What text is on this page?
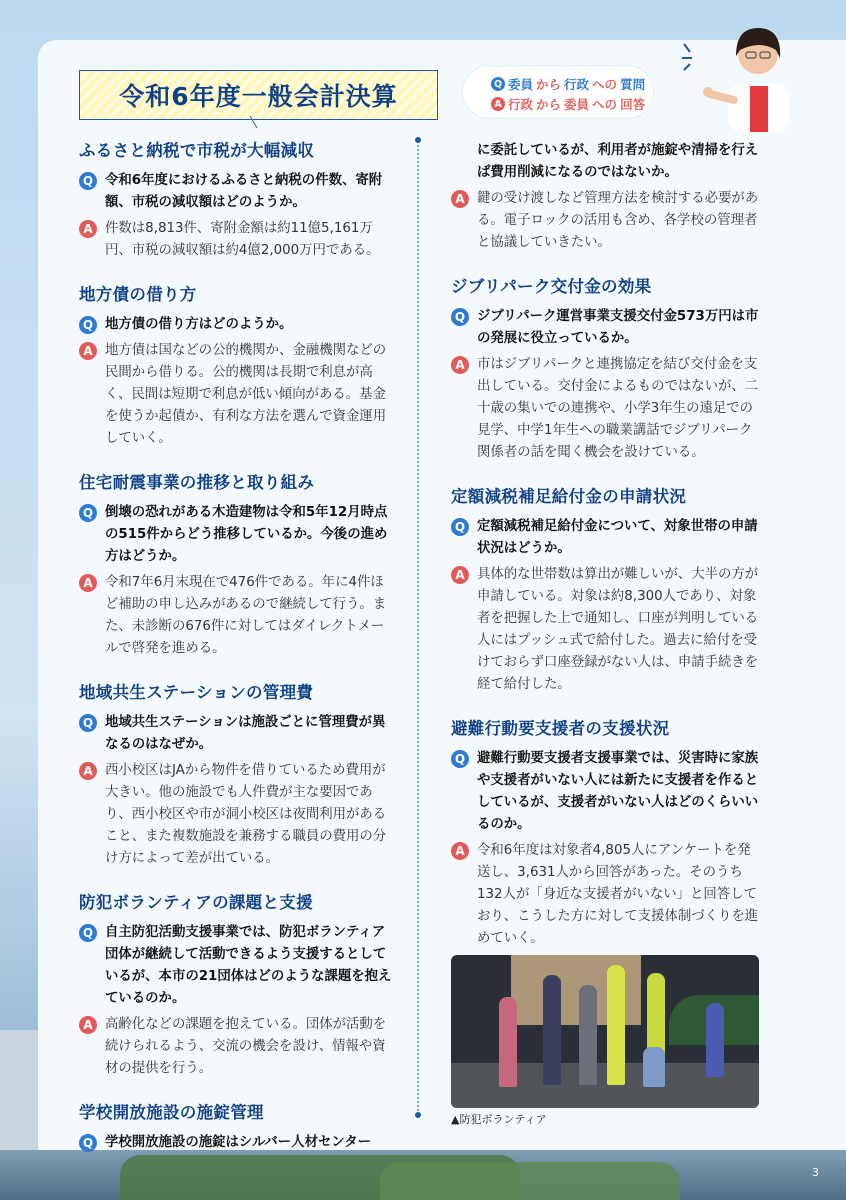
令和6年度一般会計決算	Q 委員 から 行政 への 質問
A 行政 から 委員 への 回答
ふるさと納税で市税が大幅減収
Q 令和6年度におけるふるさと納税の件数、寄附額、市税の減収額はどのようか。
A 件数は8,813件、寄附金額は約11億5,161万円、市税の減収額は約4億2,000万円である。
地方債の借り方
Q 地方債の借り方はどのようか。
A 地方債は国などの公的機関か、金融機関などの民間から借りる。公的機関は長期で利息が高く、民間は短期で利息が低い傾向がある。基金を使うか起債か、有利な方法を選んで資金運用していく。
住宅耐震事業の推移と取り組み
Q 倒壊の恐れがある木造建物は令和5年12月時点の515件からどう推移しているか。今後の進め方はどうか。
A 令和7年6月末現在で476件である。年に4件ほど補助の申し込みがあるので継続して行う。また、未診断の676件に対してはダイレクトメールで啓発を進める。
地域共生ステーションの管理費
Q 地域共生ステーションは施設ごとに管理費が異なるのはなぜか。
A 西小校区はJAから物件を借りているため費用が大きい。他の施設でも人件費が主な要因であり、西小校区や市が洞小校区は夜間利用があること、また複数施設を兼務する職員の費用の分け方によって差が出ている。
防犯ボランティアの課題と支援
Q 自主防犯活動支援事業では、防犯ボランティア団体が継続して活動できるよう支援するとしているが、本市の21団体はどのような課題を抱えているのか。
A 高齢化などの課題を抱えている。団体が活動を続けられるよう、交流の機会を設け、情報や資材の提供を行う。
学校開放施設の施錠管理
Q 学校開放施設の施錠はシルバー人材センター
に委託しているが、利用者が施錠や清掃を行えば費用削減になるのではないか。
A 鍵の受け渡しなど管理方法を検討する必要がある。電子ロックの活用も含め、各学校の管理者と協議していきたい。
ジブリパーク交付金の効果
Q ジブリパーク運営事業支援交付金573万円は市の発展に役立っているか。
A 市はジブリパークと連携協定を結び交付金を支出している。交付金によるものではないが、二十歳の集いでの連携や、小学3年生の遠足での見学、中学1年生への職業講話でジブリパーク関係者の話を聞く機会を設けている。
定額減税補足給付金の申請状況
Q 定額減税補足給付金について、対象世帯の申請状況はどうか。
A 具体的な世帯数は算出が難しいが、大半の方が申請している。対象は約8,300人であり、対象者を把握した上で通知し、口座が判明している人にはプッシュ式で給付した。過去に給付を受けておらず口座登録がない人は、申請手続きを経て給付した。
避難行動要支援者の支援状況
Q 避難行動要支援者支援事業では、災害時に家族や支援者がいない人には新たに支援者を作るとしているが、支援者がいない人はどのくらいいるのか。
A 令和6年度は対象者4,805人にアンケートを発送し、3,631人から回答があった。そのうち132人が「身近な支援者がいない」と回答しており、こうした方に対して支援体制づくりを進めていく。
▲防犯ボランティア
3
